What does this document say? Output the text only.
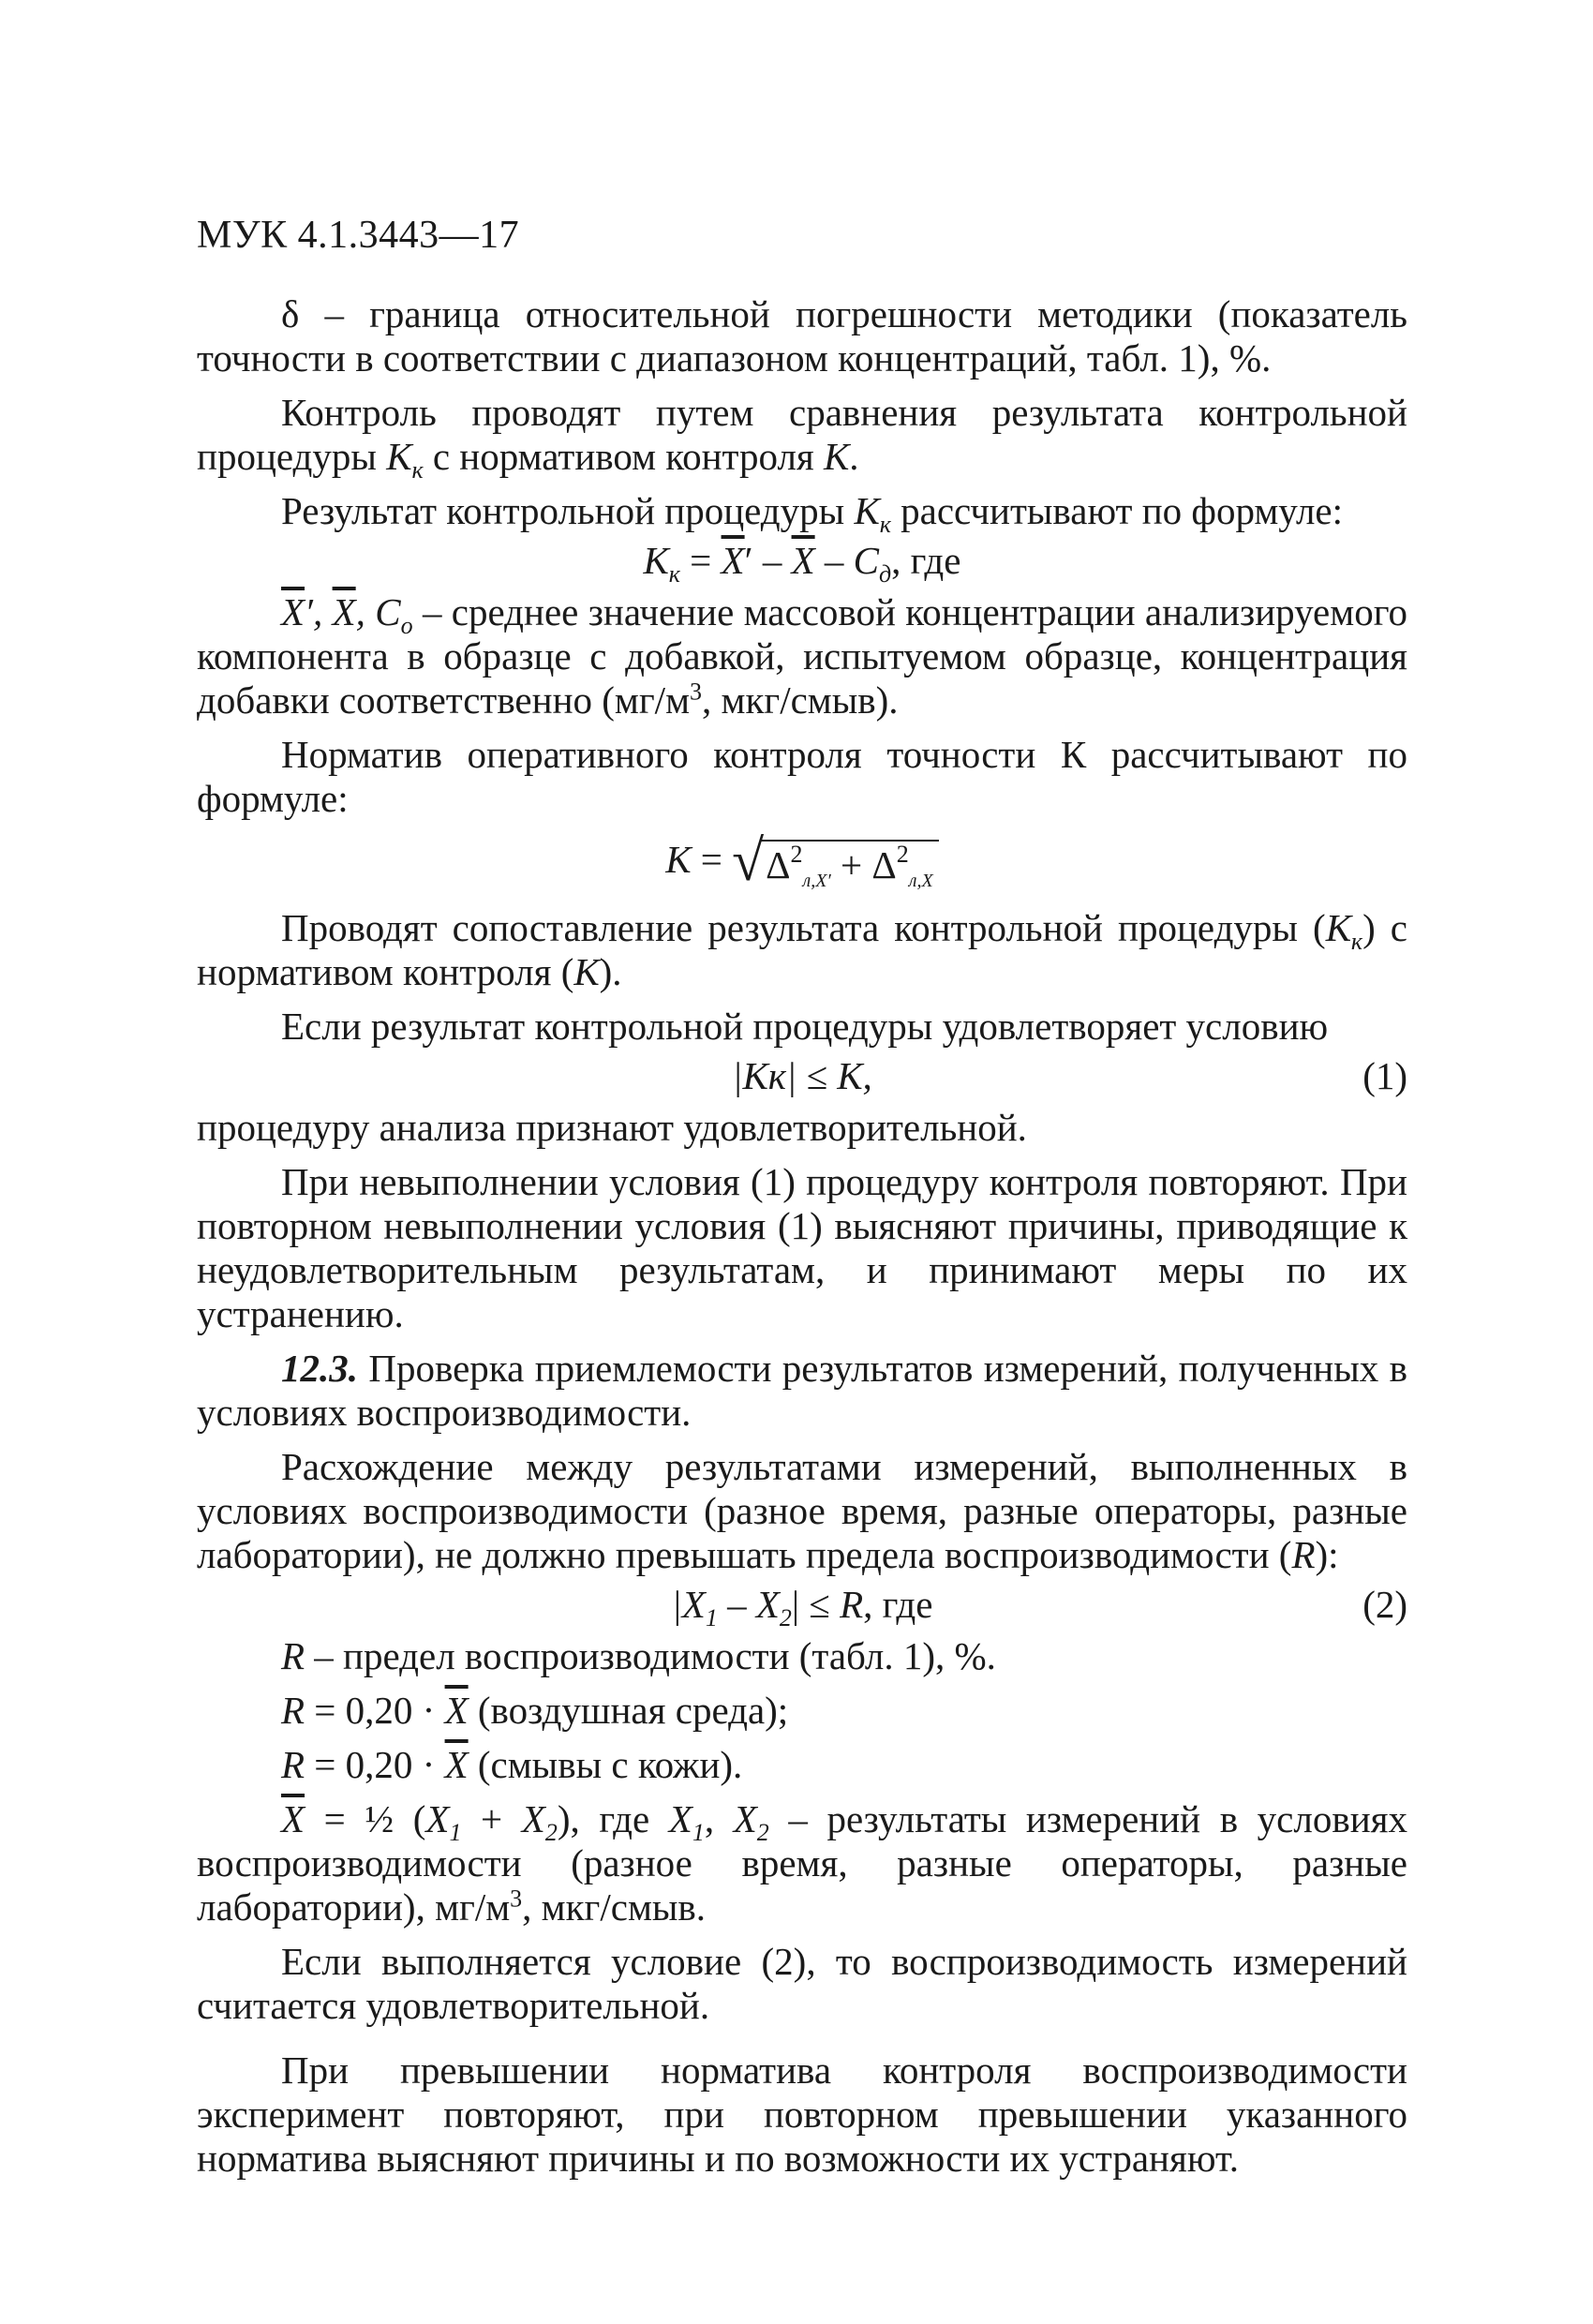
МУК 4.1.3443—17

δ – граница относительной погрешности методики (показатель точности в соответствии с диапазоном концентраций, табл. 1), %.

Контроль проводят путем сравнения результата контрольной процедуры $К_к$ с нормативом контроля К.

Результат контрольной процедуры $К_к$ рассчитывают по формуле:

$К_к = \overline{X}' - \overline{X} - С_д$, где

$\overline{X}'$, $\overline{X}$, $С_о$ – среднее значение массовой концентрации анализируемого компонента в образце с добавкой, испытуемом образце, концентрация добавки соответственно ($мг/м^3$, мкг/смыв).

Норматив оперативного контроля точности К рассчитывают по формуле:

К = √ $\Delta^2_{л,X'} + \Delta^2_{л,X}$

Проводят сопоставление результата контрольной процедуры $(К_к)$ с нормативом контроля (К).

Если результат контрольной процедуры удовлетворяет условию

|Кк| ≤ К,	(1)

процедуру анализа признают удовлетворительной.

При невыполнении условия (1) процедуру контроля повторяют. При повторном невыполнении условия (1) выясняют причины, приводящие к неудовлетворительным результатам, и принимают меры по их устранению.

12.3. Проверка приемлемости результатов измерений, полученных в условиях воспроизводимости.

Расхождение между результатами измерений, выполненных в условиях воспроизводимости (разное время, разные операторы, разные лаборатории), не должно превышать предела воспроизводимости (R):

$|X_1 - X_2| \le R$, где	(2)

R – предел воспроизводимости (табл. 1), %.

$R = 0,20 \cdot \overline{X}$ (воздушная среда);

$R = 0,20 \cdot \overline{X}$ (смывы с кожи).

$\overline{X}$ = ½ $(X_1 + X_2)$, где $X_1$, $X_2$ – результаты измерений в условиях воспроизводимости (разное время, разные операторы, разные лаборатории), $мг/м^3$, мкг/смыв.

Если выполняется условие (2), то воспроизводимость измерений считается удовлетворительной.

При превышении норматива контроля воспроизводимости эксперимент повторяют, при повторном превышении указанного норматива выясняют причины и по возможности их устраняют.
